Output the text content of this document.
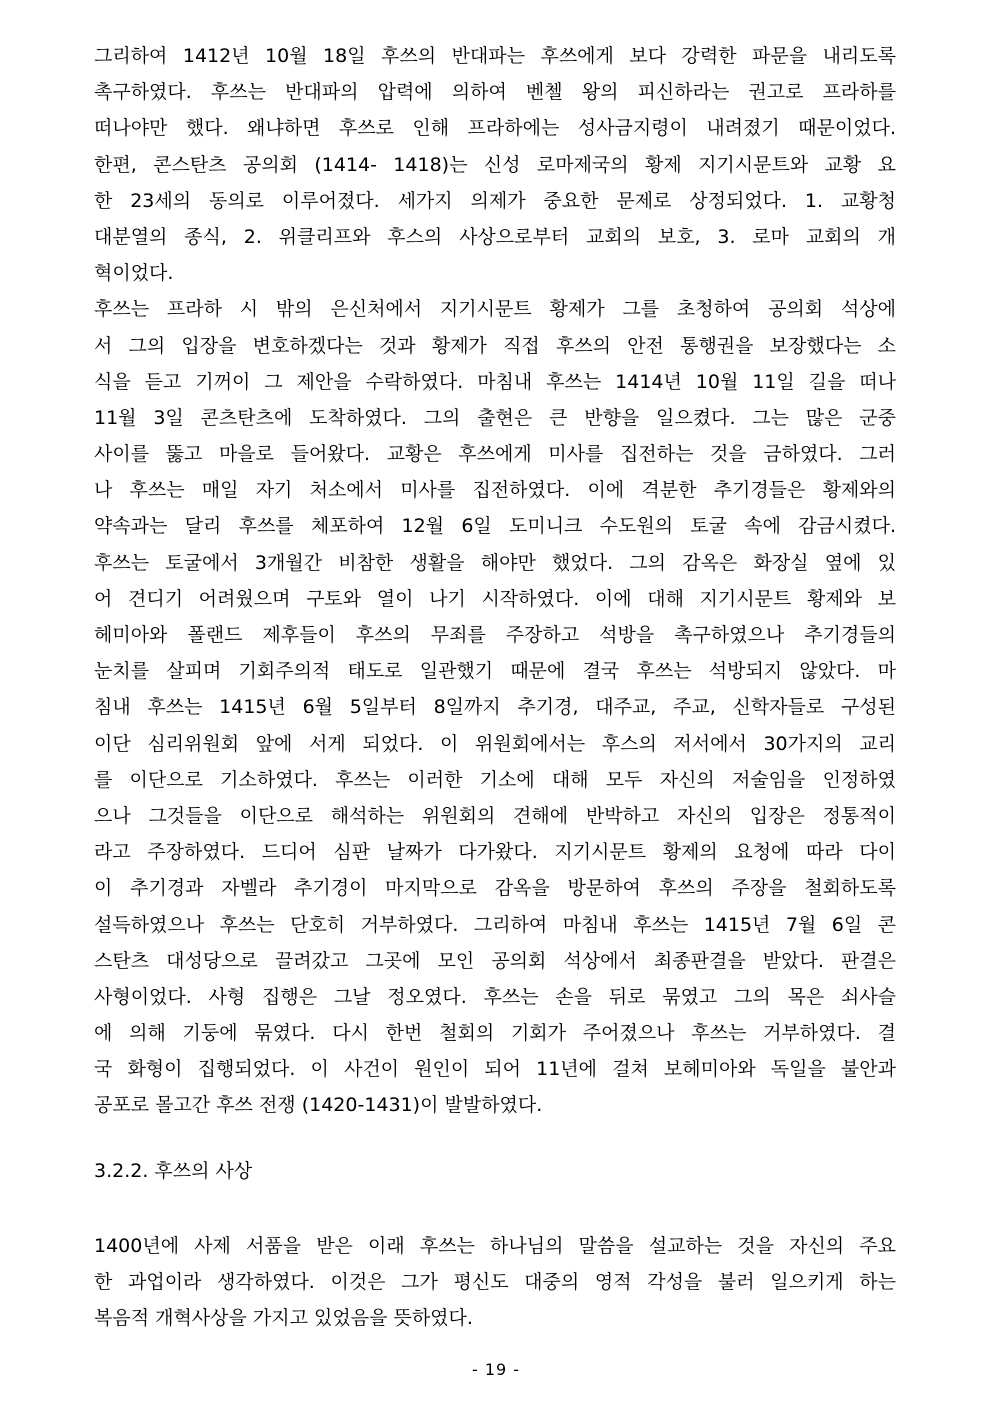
그리하여 1412년 10월 18일 후쓰의 반대파는 후쓰에게 보다 강력한 파문을 내리도록
촉구하였다. 후쓰는 반대파의 압력에 의하여 벤첼 왕의 피신하라는 권고로 프라하를
떠나야만 했다. 왜냐하면 후쓰로 인해 프라하에는 성사금지령이 내려졌기 때문이었다.
한편, 콘스탄츠 공의회 (1414- 1418)는 신성 로마제국의 황제 지기시문트와 교황 요
한 23세의 동의로 이루어졌다. 세가지 의제가 중요한 문제로 상정되었다. 1. 교황청
대분열의 종식, 2. 위클리프와 후스의 사상으로부터 교회의 보호, 3. 로마 교회의 개
혁이었다.
후쓰는 프라하 시 밖의 은신처에서 지기시문트 황제가 그를 초청하여 공의회 석상에
서 그의 입장을 변호하겠다는 것과 황제가 직접 후쓰의 안전 통행권을 보장했다는 소
식을 듣고 기꺼이 그 제안을 수락하였다. 마침내 후쓰는 1414년 10월 11일 길을 떠나
11월 3일 콘츠탄츠에 도착하였다. 그의 출현은 큰 반향을 일으켰다. 그는 많은 군중
사이를 뚫고 마을로 들어왔다. 교황은 후쓰에게 미사를 집전하는 것을 금하였다. 그러
나 후쓰는 매일 자기 처소에서 미사를 집전하였다. 이에 격분한 추기경들은 황제와의
약속과는 달리 후쓰를 체포하여 12월 6일 도미니크 수도원의 토굴 속에 감금시켰다.
후쓰는 토굴에서 3개월간 비참한 생활을 해야만 했었다. 그의 감옥은 화장실 옆에 있
어 견디기 어려웠으며 구토와 열이 나기 시작하였다. 이에 대해 지기시문트 황제와 보
헤미아와 폴랜드 제후들이 후쓰의 무죄를 주장하고 석방을 촉구하였으나 추기경들의
눈치를 살피며 기회주의적 태도로 일관했기 때문에 결국 후쓰는 석방되지 않았다. 마
침내 후쓰는 1415년 6월 5일부터 8일까지 추기경, 대주교, 주교, 신학자들로 구성된
이단 심리위원회 앞에 서게 되었다. 이 위원회에서는 후스의 저서에서 30가지의 교리
를 이단으로 기소하였다. 후쓰는 이러한 기소에 대해 모두 자신의 저술임을 인정하였
으나 그것들을 이단으로 해석하는 위원회의 견해에 반박하고 자신의 입장은 정통적이
라고 주장하였다. 드디어 심판 날짜가 다가왔다. 지기시문트 황제의 요청에 따라 다이
이 추기경과 자벨라 추기경이 마지막으로 감옥을 방문하여 후쓰의 주장을 철회하도록
설득하였으나 후쓰는 단호히 거부하였다. 그리하여 마침내 후쓰는 1415년 7월 6일 콘
스탄츠 대성당으로 끌려갔고 그곳에 모인 공의회 석상에서 최종판결을 받았다. 판결은
사형이었다. 사형 집행은 그날 정오였다. 후쓰는 손을 뒤로 묶였고 그의 목은 쇠사슬
에 의해 기둥에 묶였다. 다시 한번 철회의 기회가 주어졌으나 후쓰는 거부하였다. 결
국 화형이 집행되었다. 이 사건이 원인이 되어 11년에 걸쳐 보헤미아와 독일을 불안과
공포로 몰고간 후쓰 전쟁 (1420-1431)이 발발하였다.
3.2.2. 후쓰의 사상
1400년에 사제 서품을 받은 이래 후쓰는 하나님의 말씀을 설교하는 것을 자신의 주요
한 과업이라 생각하였다. 이것은 그가 평신도 대중의 영적 각성을 불러 일으키게 하는
복음적 개혁사상을 가지고 있었음을 뜻하였다.
- 19 -
